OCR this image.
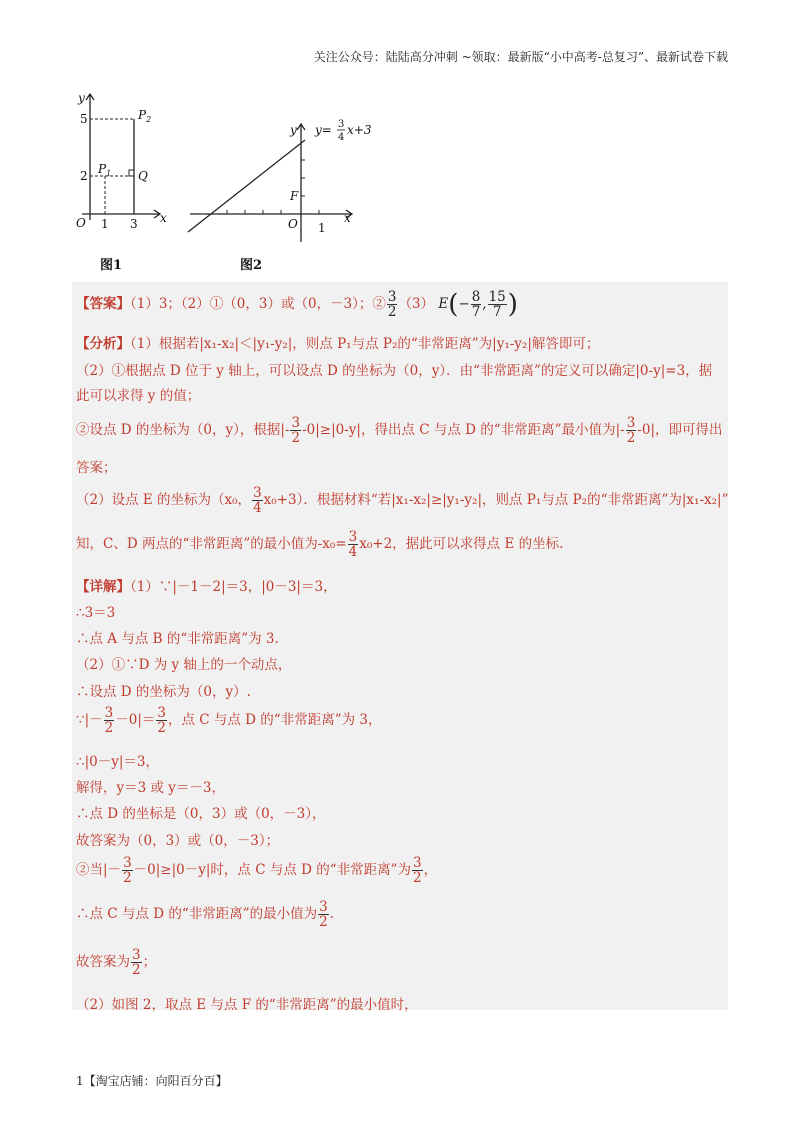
关注公众号：陆陆高分冲刺 ~领取：最新版“小中高考-总复习”、最新试卷下载
y
x
O
5
2
1 3
$P_1$
$P_2$
Q
图1
y
x
O 1
F
y= 3
4
x+3
图2
【答案】（1）3；（2）①（0，3）或（0，－3）；② $\frac{3}{2} (3)$ $E(- \frac{8}{7}$ , $\frac{15}{7}$ )
【分析】（1）根据若|x₁-x₂|＜|y₁-y₂|，则点 P₁与点 P₂的“非常距离”为|y₁-y₂|解答即可；
（2）①根据点 D 位于 y 轴上，可以设点 D 的坐标为（0，y）．由“非常距离”的定义可以确定|0-y|=3，据
此可以求得 y 的值；
②设点 D 的坐标为（0，y），根据|- $\frac{3}{2} -0|\ge|0-y|$，得出点 C 与点 D 的“非常距离”最小值为|- $\frac{3}{2} -0|$，即可得出
答案；
（2）设点 E 的坐标为（x₀， $\frac{3}{4} x_0+3$）．根据材料“若|x₁-x₂|≥|y₁-y₂|，则点 P₁与点 P₂的“非常距离”为|x₁-x₂|”
知，C、D 两点的“非常距离”的最小值为$-x_0= \frac{3}{4} x_0+2$，据此可以求得点 E 的坐标.
【详解】（1）∵|－1－2|＝3，|0－3|＝3，
∴3＝3
∴点 A 与点 B 的“非常距离”为 3.
（2）①∵D 为 y 轴上的一个动点，
∴设点 D 的坐标为（0，y）.
∵|－ $\frac{3}{2} -0|= \frac{3}{2}$ ，点 C 与点 D 的“非常距离”为 3，
∴|0－y|＝3，
解得，y＝3 或 y＝－3，
∴点 D 的坐标是（0，3）或（0，－3），
故答案为（0，3）或（0，－3）；
②当|－ $\frac{3}{2} -0|\ge|0-y|$时，点 C 与点 D 的“非常距离”为 $\frac{3}{2}$ ，
∴点 C 与点 D 的“非常距离”的最小值为 $\frac{3}{2}$ .
故答案为 $\frac{3}{2}$ ；
（2）如图 2，取点 E 与点 F 的“非常距离”的最小值时，
1【淘宝店铺：向阳百分百】
